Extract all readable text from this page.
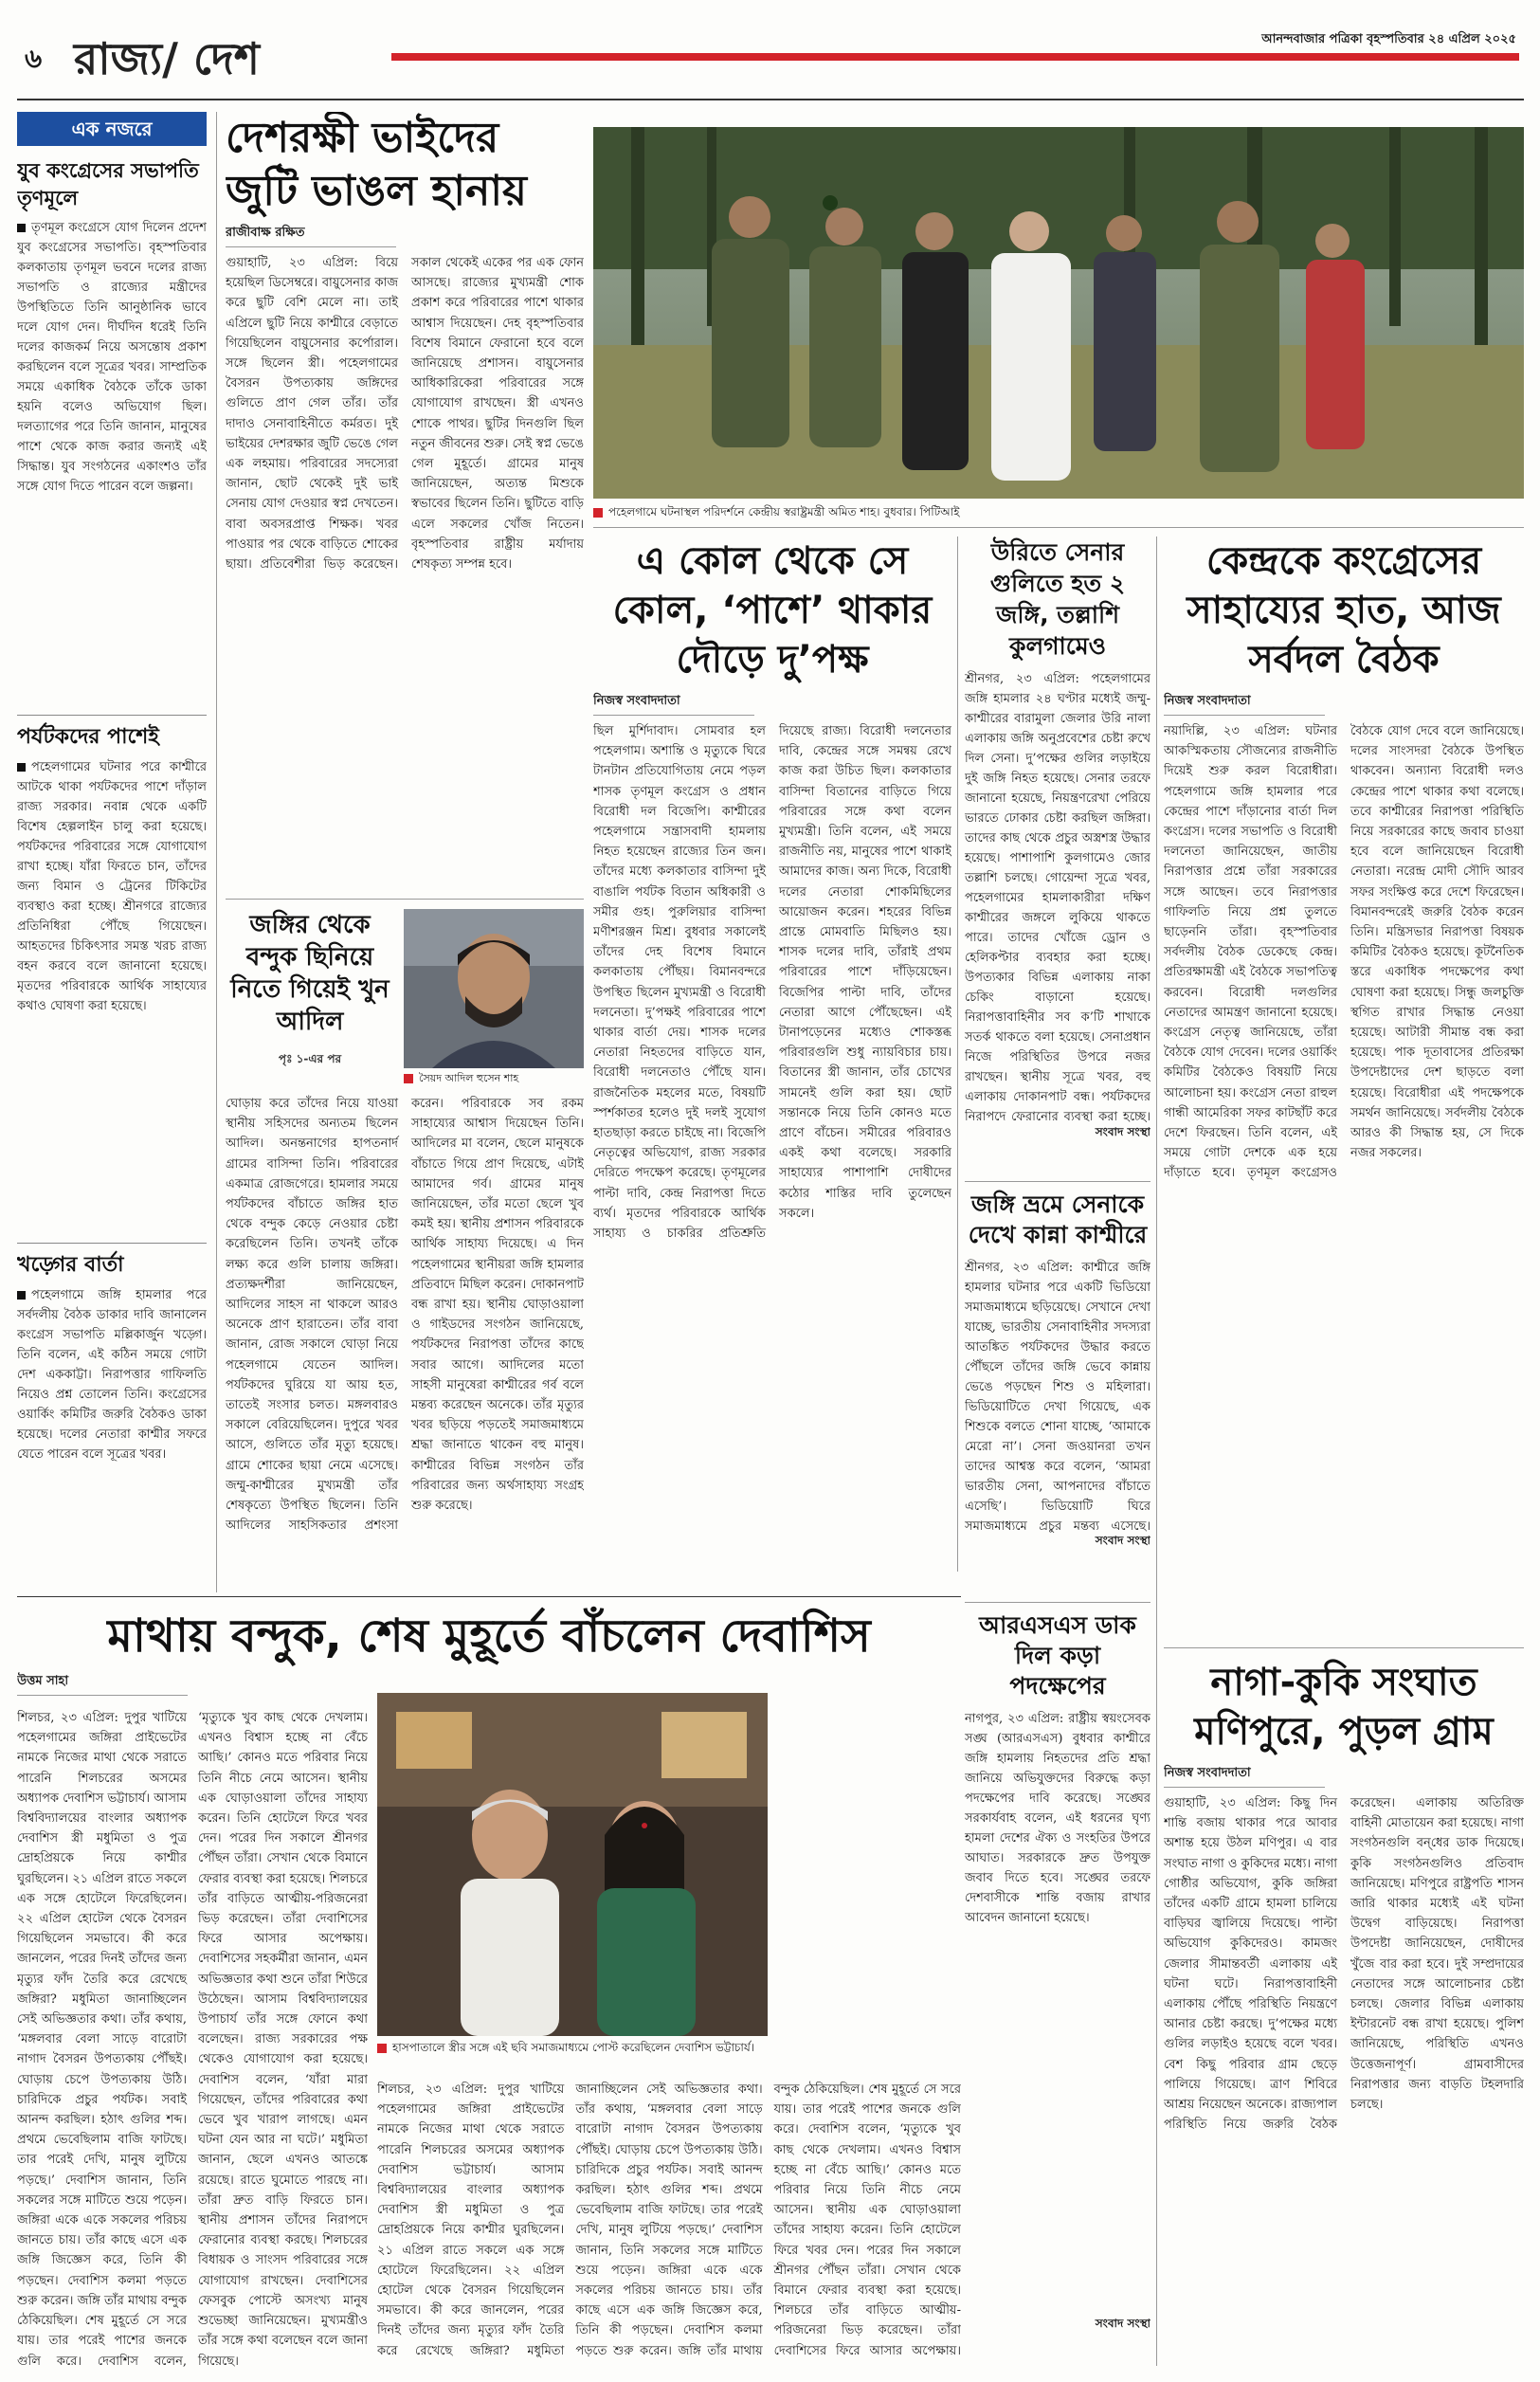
৬ রাজ্য/ দেশ	আনন্দবাজার পত্রিকা বৃহস্পতিবার ২৪ এপ্রিল ২০২৫
এক নজরে
যুব কংগ্রেসের সভাপতি তৃণমূলে
তৃণমূল কংগ্রেসে যোগ দিলেন প্রদেশ যুব কংগ্রেসের সভাপতি। বৃহস্পতিবার কলকাতায় তৃণমূল ভবনে দলের রাজ্য সভাপতি ও রাজ্যের মন্ত্রীদের উপস্থিতিতে তিনি আনুষ্ঠানিক ভাবে দলে যোগ দেন। দীর্ঘদিন ধরেই তিনি দলের কাজকর্ম নিয়ে অসন্তোষ প্রকাশ করছিলেন বলে সূত্রের খবর। সাম্প্রতিক সময়ে একাধিক বৈঠকে তাঁকে ডাকা হয়নি বলেও অভিযোগ ছিল। দলত্যাগের পরে তিনি জানান, মানুষের পাশে থেকে কাজ করার জন্যই এই সিদ্ধান্ত। যুব সংগঠনের একাংশও তাঁর সঙ্গে যোগ দিতে পারেন বলে জল্পনা।
পর্যটকদের পাশেই
পহেলগামের ঘটনার পরে কাশ্মীরে আটকে থাকা পর্যটকদের পাশে দাঁড়াল রাজ্য সরকার। নবান্ন থেকে একটি বিশেষ হেল্পলাইন চালু করা হয়েছে। পর্যটকদের পরিবারের সঙ্গে যোগাযোগ রাখা হচ্ছে। যাঁরা ফিরতে চান, তাঁদের জন্য বিমান ও ট্রেনের টিকিটের ব্যবস্থাও করা হচ্ছে। শ্রীনগরে রাজ্যের প্রতিনিধিরা পৌঁছে গিয়েছেন। আহতদের চিকিৎসার সমস্ত খরচ রাজ্য বহন করবে বলে জানানো হয়েছে। মৃতদের পরিবারকে আর্থিক সাহায্যের কথাও ঘোষণা করা হয়েছে।
খড়্গের বার্তা
পহেলগামে জঙ্গি হামলার পরে সর্বদলীয় বৈঠক ডাকার দাবি জানালেন কংগ্রেস সভাপতি মল্লিকার্জুন খড়্গে। তিনি বলেন, এই কঠিন সময়ে গোটা দেশ এককাট্টা। নিরাপত্তার গাফিলতি নিয়েও প্রশ্ন তোলেন তিনি। কংগ্রেসের ওয়ার্কিং কমিটির জরুরি বৈঠকও ডাকা হয়েছে। দলের নেতারা কাশ্মীর সফরে যেতে পারেন বলে সূত্রের খবর।
দেশরক্ষী ভাইদের জুটি ভাঙল হানায়
রাজীবাক্ষ রক্ষিত
গুয়াহাটি, ২৩ এপ্রিল: বিয়ে হয়েছিল ডিসেম্বরে। বায়ুসেনার কাজ করে ছুটি বেশি মেলে না। তাই এপ্রিলে ছুটি নিয়ে কাশ্মীরে বেড়াতে গিয়েছিলেন বায়ুসেনার কর্পোরাল। সঙ্গে ছিলেন স্ত্রী। পহেলগামের বৈসরন উপত্যকায় জঙ্গিদের গুলিতে প্রাণ গেল তাঁর। তাঁর দাদাও সেনাবাহিনীতে কর্মরত। দুই ভাইয়ের দেশরক্ষার জুটি ভেঙে গেল এক লহমায়। পরিবারের সদস্যেরা জানান, ছোট থেকেই দুই ভাই সেনায় যোগ দেওয়ার স্বপ্ন দেখতেন। বাবা অবসরপ্রাপ্ত শিক্ষক। খবর পাওয়ার পর থেকে বাড়িতে শোকের ছায়া। প্রতিবেশীরা ভিড় করেছেন। সকাল থেকেই একের পর এক ফোন আসছে। রাজ্যের মুখ্যমন্ত্রী শোক প্রকাশ করে পরিবারের পাশে থাকার আশ্বাস দিয়েছেন। দেহ বৃহস্পতিবার বিশেষ বিমানে ফেরানো হবে বলে জানিয়েছে প্রশাসন। বায়ুসেনার আধিকারিকেরা পরিবারের সঙ্গে যোগাযোগ রাখছেন। স্ত্রী এখনও শোকে পাথর। ছুটির দিনগুলি ছিল নতুন জীবনের শুরু। সেই স্বপ্ন ভেঙে গেল মুহূর্তে। গ্রামের মানুষ জানিয়েছেন, অত্যন্ত মিশুকে স্বভাবের ছিলেন তিনি। ছুটিতে বাড়ি এলে সকলের খোঁজ নিতেন। বৃহস্পতিবার রাষ্ট্রীয় মর্যাদায় শেষকৃত্য সম্পন্ন হবে।
পহেলগামে ঘটনাস্থল পরিদর্শনে কেন্দ্রীয় স্বরাষ্ট্রমন্ত্রী অমিত শাহ। বুধবার। পিটিআই
এ কোল থেকে সে কোল, ‘পাশে’ থাকার দৌড়ে দু’পক্ষ
নিজস্ব সংবাদদাতা
ছিল মুর্শিদাবাদ। সোমবার হল পহেলগাম। অশান্তি ও মৃত্যুকে ঘিরে টানটান প্রতিযোগিতায় নেমে পড়ল শাসক তৃণমূল কংগ্রেস ও প্রধান বিরোধী দল বিজেপি। কাশ্মীরের পহেলগামে সন্ত্রাসবাদী হামলায় নিহত হয়েছেন রাজ্যের তিন জন। তাঁদের মধ্যে কলকাতার বাসিন্দা দুই বাঙালি পর্যটক বিতান অধিকারী ও সমীর গুহ। পুরুলিয়ার বাসিন্দা মণীশরঞ্জন মিশ্র। বুধবার সকালেই তাঁদের দেহ বিশেষ বিমানে কলকাতায় পৌঁছয়। বিমানবন্দরে উপস্থিত ছিলেন মুখ্যমন্ত্রী ও বিরোধী দলনেতা। দু’পক্ষই পরিবারের পাশে থাকার বার্তা দেয়। শাসক দলের নেতারা নিহতদের বাড়িতে যান, বিরোধী দলনেতাও পৌঁছে যান। রাজনৈতিক মহলের মতে, বিষয়টি স্পর্শকাতর হলেও দুই দলই সুযোগ হাতছাড়া করতে চাইছে না। বিজেপি নেতৃত্বের অভিযোগ, রাজ্য সরকার দেরিতে পদক্ষেপ করেছে। তৃণমূলের পাল্টা দাবি, কেন্দ্র নিরাপত্তা দিতে ব্যর্থ। মৃতদের পরিবারকে আর্থিক সাহায্য ও চাকরির প্রতিশ্রুতি দিয়েছে রাজ্য। বিরোধী দলনেতার দাবি, কেন্দ্রের সঙ্গে সমন্বয় রেখে কাজ করা উচিত ছিল। কলকাতার বাসিন্দা বিতানের বাড়িতে গিয়ে পরিবারের সঙ্গে কথা বলেন মুখ্যমন্ত্রী। তিনি বলেন, এই সময়ে রাজনীতি নয়, মানুষের পাশে থাকাই আমাদের কাজ। অন্য দিকে, বিরোধী দলের নেতারা শোকমিছিলের আয়োজন করেন। শহরের বিভিন্ন প্রান্তে মোমবাতি মিছিলও হয়। শাসক দলের দাবি, তাঁরাই প্রথম পরিবারের পাশে দাঁড়িয়েছেন। বিজেপির পাল্টা দাবি, তাঁদের নেতারা আগে পৌঁছেছেন। এই টানাপড়েনের মধ্যেও শোকস্তব্ধ পরিবারগুলি শুধু ন্যায়বিচার চায়। বিতানের স্ত্রী জানান, তাঁর চোখের সামনেই গুলি করা হয়। ছোট সন্তানকে নিয়ে তিনি কোনও মতে প্রাণে বাঁচেন। সমীরের পরিবারও একই কথা বলেছে। সরকারি সাহায্যের পাশাপাশি দোষীদের কঠোর শাস্তির দাবি তুলেছেন সকলে।
উরিতে সেনার গুলিতে হত ২ জঙ্গি, তল্লাশি কুলগামেও
শ্রীনগর, ২৩ এপ্রিল: পহেলগামের জঙ্গি হামলার ২৪ ঘণ্টার মধ্যেই জম্মু-কাশ্মীরের বারামুলা জেলার উরি নালা এলাকায় জঙ্গি অনুপ্রবেশের চেষ্টা রুখে দিল সেনা। দু’পক্ষের গুলির লড়াইয়ে দুই জঙ্গি নিহত হয়েছে। সেনার তরফে জানানো হয়েছে, নিয়ন্ত্রণরেখা পেরিয়ে ভারতে ঢোকার চেষ্টা করছিল জঙ্গিরা। তাদের কাছ থেকে প্রচুর অস্ত্রশস্ত্র উদ্ধার হয়েছে। পাশাপাশি কুলগামেও জোর তল্লাশি চলছে। গোয়েন্দা সূত্রে খবর, পহেলগামের হামলাকারীরা দক্ষিণ কাশ্মীরের জঙ্গলে লুকিয়ে থাকতে পারে। তাদের খোঁজে ড্রোন ও হেলিকপ্টার ব্যবহার করা হচ্ছে। উপত্যকার বিভিন্ন এলাকায় নাকা চেকিং বাড়ানো হয়েছে। নিরাপত্তাবাহিনীর সব ক’টি শাখাকে সতর্ক থাকতে বলা হয়েছে। সেনাপ্রধান নিজে পরিস্থিতির উপরে নজর রাখছেন। স্থানীয় সূত্রে খবর, বহু এলাকায় দোকানপাট বন্ধ। পর্যটকদের নিরাপদে ফেরানোর ব্যবস্থা করা হচ্ছে।
সংবাদ সংস্থা
জঙ্গি ভ্রমে সেনাকে দেখে কান্না কাশ্মীরে
শ্রীনগর, ২৩ এপ্রিল: কাশ্মীরে জঙ্গি হামলার ঘটনার পরে একটি ভিডিয়ো সমাজমাধ্যমে ছড়িয়েছে। সেখানে দেখা যাচ্ছে, ভারতীয় সেনাবাহিনীর সদস্যরা আতঙ্কিত পর্যটকদের উদ্ধার করতে পৌঁছলে তাঁদের জঙ্গি ভেবে কান্নায় ভেঙে পড়ছেন শিশু ও মহিলারা। ভিডিয়োটিতে দেখা গিয়েছে, এক শিশুকে বলতে শোনা যাচ্ছে, ‘আমাকে মেরো না’। সেনা জওয়ানরা তখন তাদের আশ্বস্ত করে বলেন, ‘আমরা ভারতীয় সেনা, আপনাদের বাঁচাতে এসেছি’। ভিডিয়োটি ঘিরে সমাজমাধ্যমে প্রচুর মন্তব্য এসেছে।
সংবাদ সংস্থা
আরএসএস ডাক দিল কড়া পদক্ষেপের
নাগপুর, ২৩ এপ্রিল: রাষ্ট্রীয় স্বয়ংসেবক সঙ্ঘ (আরএসএস) বুধবার কাশ্মীরে জঙ্গি হামলায় নিহতদের প্রতি শ্রদ্ধা জানিয়ে অভিযুক্তদের বিরুদ্ধে কড়া পদক্ষেপের দাবি করেছে। সঙ্ঘের সরকার্যবাহ বলেন, এই ধরনের ঘৃণ্য হামলা দেশের ঐক্য ও সংহতির উপরে আঘাত। সরকারকে দ্রুত উপযুক্ত জবাব দিতে হবে। সঙ্ঘের তরফে দেশবাসীকে শান্তি বজায় রাখার আবেদন জানানো হয়েছে।
সংবাদ সংস্থা
কেন্দ্রকে কংগ্রেসের সাহায্যের হাত, আজ সর্বদল বৈঠক
নিজস্ব সংবাদদাতা
নয়াদিল্লি, ২৩ এপ্রিল: ঘটনার আকস্মিকতায় সৌজন্যের রাজনীতি দিয়েই শুরু করল বিরোধীরা। পহেলগামে জঙ্গি হামলার পরে কেন্দ্রের পাশে দাঁড়ানোর বার্তা দিল কংগ্রেস। দলের সভাপতি ও বিরোধী দলনেতা জানিয়েছেন, জাতীয় নিরাপত্তার প্রশ্নে তাঁরা সরকারের সঙ্গে আছেন। তবে নিরাপত্তার গাফিলতি নিয়ে প্রশ্ন তুলতে ছাড়েননি তাঁরা। বৃহস্পতিবার সর্বদলীয় বৈঠক ডেকেছে কেন্দ্র। প্রতিরক্ষামন্ত্রী এই বৈঠকে সভাপতিত্ব করবেন। বিরোধী দলগুলির নেতাদের আমন্ত্রণ জানানো হয়েছে। কংগ্রেস নেতৃত্ব জানিয়েছে, তাঁরা বৈঠকে যোগ দেবেন। দলের ওয়ার্কিং কমিটির বৈঠকেও বিষয়টি নিয়ে আলোচনা হয়। কংগ্রেস নেতা রাহুল গান্ধী আমেরিকা সফর কাটছাঁট করে দেশে ফিরছেন। তিনি বলেন, এই সময়ে গোটা দেশকে এক হয়ে দাঁড়াতে হবে। তৃণমূল কংগ্রেসও বৈঠকে যোগ দেবে বলে জানিয়েছে। দলের সাংসদরা বৈঠকে উপস্থিত থাকবেন। অন্যান্য বিরোধী দলও কেন্দ্রের পাশে থাকার কথা বলেছে। তবে কাশ্মীরের নিরাপত্তা পরিস্থিতি নিয়ে সরকারের কাছে জবাব চাওয়া হবে বলে জানিয়েছেন বিরোধী নেতারা। নরেন্দ্র মোদী সৌদি আরব সফর সংক্ষিপ্ত করে দেশে ফিরেছেন। বিমানবন্দরেই জরুরি বৈঠক করেন তিনি। মন্ত্রিসভার নিরাপত্তা বিষয়ক কমিটির বৈঠকও হয়েছে। কূটনৈতিক স্তরে একাধিক পদক্ষেপের কথা ঘোষণা করা হয়েছে। সিন্ধু জলচুক্তি স্থগিত রাখার সিদ্ধান্ত নেওয়া হয়েছে। আটারী সীমান্ত বন্ধ করা হয়েছে। পাক দূতাবাসের প্রতিরক্ষা উপদেষ্টাদের দেশ ছাড়তে বলা হয়েছে। বিরোধীরা এই পদক্ষেপকে সমর্থন জানিয়েছে। সর্বদলীয় বৈঠকে আরও কী সিদ্ধান্ত হয়, সে দিকে নজর সকলের।
নাগা-কুকি সংঘাত মণিপুরে, পুড়ল গ্রাম
নিজস্ব সংবাদদাতা
গুয়াহাটি, ২৩ এপ্রিল: কিছু দিন শান্তি বজায় থাকার পরে আবার অশান্ত হয়ে উঠল মণিপুর। এ বার সংঘাত নাগা ও কুকিদের মধ্যে। নাগা গোষ্ঠীর অভিযোগ, কুকি জঙ্গিরা তাঁদের একটি গ্রামে হামলা চালিয়ে বাড়িঘর জ্বালিয়ে দিয়েছে। পাল্টা অভিযোগ কুকিদেরও। কামজং জেলার সীমান্তবর্তী এলাকায় এই ঘটনা ঘটে। নিরাপত্তাবাহিনী এলাকায় পৌঁছে পরিস্থিতি নিয়ন্ত্রণে আনার চেষ্টা করছে। দু’পক্ষের মধ্যে গুলির লড়াইও হয়েছে বলে খবর। বেশ কিছু পরিবার গ্রাম ছেড়ে পালিয়ে গিয়েছে। ত্রাণ শিবিরে আশ্রয় নিয়েছেন অনেকে। রাজ্যপাল পরিস্থিতি নিয়ে জরুরি বৈঠক করেছেন। এলাকায় অতিরিক্ত বাহিনী মোতায়েন করা হয়েছে। নাগা সংগঠনগুলি বন্‌ধের ডাক দিয়েছে। কুকি সংগঠনগুলিও প্রতিবাদ জানিয়েছে। মণিপুরে রাষ্ট্রপতি শাসন জারি থাকার মধ্যেই এই ঘটনা উদ্বেগ বাড়িয়েছে। নিরাপত্তা উপদেষ্টা জানিয়েছেন, দোষীদের খুঁজে বার করা হবে। দুই সম্প্রদায়ের নেতাদের সঙ্গে আলোচনার চেষ্টা চলছে। জেলার বিভিন্ন এলাকায় ইন্টারনেট বন্ধ রাখা হয়েছে। পুলিশ জানিয়েছে, পরিস্থিতি এখনও উত্তেজনাপূর্ণ। গ্রামবাসীদের নিরাপত্তার জন্য বাড়তি টহলদারি চলছে।
জঙ্গির থেকে বন্দুক ছিনিয়ে নিতে গিয়েই খুন আদিল
পৃঃ ১-এর পর
সৈয়দ আদিল হুসেন শাহ
ঘোড়ায় করে তাঁদের নিয়ে যাওয়া স্থানীয় সহিসদের অন্যতম ছিলেন আদিল। অনন্তনাগের হাপতনার্দ গ্রামের বাসিন্দা তিনি। পরিবারের একমাত্র রোজগেরে। হামলার সময়ে পর্যটকদের বাঁচাতে জঙ্গির হাত থেকে বন্দুক কেড়ে নেওয়ার চেষ্টা করেছিলেন তিনি। তখনই তাঁকে লক্ষ্য করে গুলি চালায় জঙ্গিরা। প্রত্যক্ষদর্শীরা জানিয়েছেন, আদিলের সাহস না থাকলে আরও অনেকে প্রাণ হারাতেন। তাঁর বাবা জানান, রোজ সকালে ঘোড়া নিয়ে পহেলগামে যেতেন আদিল। পর্যটকদের ঘুরিয়ে যা আয় হত, তাতেই সংসার চলত। মঙ্গলবারও সকালে বেরিয়েছিলেন। দুপুরে খবর আসে, গুলিতে তাঁর মৃত্যু হয়েছে। গ্রামে শোকের ছায়া নেমে এসেছে। জম্মু-কাশ্মীরের মুখ্যমন্ত্রী তাঁর শেষকৃত্যে উপস্থিত ছিলেন। তিনি আদিলের সাহসিকতার প্রশংসা করেন। পরিবারকে সব রকম সাহায্যের আশ্বাস দিয়েছেন তিনি। আদিলের মা বলেন, ছেলে মানুষকে বাঁচাতে গিয়ে প্রাণ দিয়েছে, এটাই আমাদের গর্ব। গ্রামের মানুষ জানিয়েছেন, তাঁর মতো ছেলে খুব কমই হয়। স্থানীয় প্রশাসন পরিবারকে আর্থিক সাহায্য দিয়েছে। এ দিন পহেলগামের স্থানীয়রা জঙ্গি হামলার প্রতিবাদে মিছিল করেন। দোকানপাট বন্ধ রাখা হয়। স্থানীয় ঘোড়াওয়ালা ও গাইডদের সংগঠন জানিয়েছে, পর্যটকদের নিরাপত্তা তাঁদের কাছে সবার আগে। আদিলের মতো সাহসী মানুষেরা কাশ্মীরের গর্ব বলে মন্তব্য করেছেন অনেকে। তাঁর মৃত্যুর খবর ছড়িয়ে পড়তেই সমাজমাধ্যমে শ্রদ্ধা জানাতে থাকেন বহু মানুষ। কাশ্মীরের বিভিন্ন সংগঠন তাঁর পরিবারের জন্য অর্থসাহায্য সংগ্রহ শুরু করেছে।
মাথায় বন্দুক, শেষ মুহূর্তে বাঁচলেন দেবাশিস
উত্তম সাহা
শিলচর, ২৩ এপ্রিল: দুপুর খাটিয়ে পহেলগামের জঙ্গিরা প্রাইভেটের নামকে নিজের মাথা থেকে সরাতে পারেনি শিলচরের অসমের অধ্যাপক দেবাশিস ভট্টাচার্য। আসাম বিশ্ববিদ্যালয়ের বাংলার অধ্যাপক দেবাশিস স্ত্রী মধুমিতা ও পুত্র দ্রোহপ্রিয়কে নিয়ে কাশ্মীর ঘুরছিলেন। ২১ এপ্রিল রাতে সকলে এক সঙ্গে হোটেলে ফিরেছিলেন। ২২ এপ্রিল হোটেল থেকে বৈসরন গিয়েছিলেন সমভাবে। কী করে জানলেন, পরের দিনই তাঁদের জন্য মৃত্যুর ফাঁদ তৈরি করে রেখেছে জঙ্গিরা? মধুমিতা জানাচ্ছিলেন সেই অভিজ্ঞতার কথা। তাঁর কথায়, ‘মঙ্গলবার বেলা সাড়ে বারোটা নাগাদ বৈসরন উপত্যকায় পৌঁছই। ঘোড়ায় চেপে উপত্যকায় উঠি। চারিদিকে প্রচুর পর্যটক। সবাই আনন্দ করছিল। হঠাৎ গুলির শব্দ। প্রথমে ভেবেছিলাম বাজি ফাটছে। তার পরেই দেখি, মানুষ লুটিয়ে পড়ছে।’ দেবাশিস জানান, তিনি সকলের সঙ্গে মাটিতে শুয়ে পড়েন। জঙ্গিরা একে একে সকলের পরিচয় জানতে চায়। তাঁর কাছে এসে এক জঙ্গি জিজ্ঞেস করে, তিনি কী পড়ছেন। দেবাশিস কলমা পড়তে শুরু করেন। জঙ্গি তাঁর মাথায় বন্দুক ঠেকিয়েছিল। শেষ মুহূর্তে সে সরে যায়। তার পরেই পাশের জনকে গুলি করে। দেবাশিস বলেন, ‘মৃত্যুকে খুব কাছ থেকে দেখলাম। এখনও বিশ্বাস হচ্ছে না বেঁচে আছি।’ কোনও মতে পরিবার নিয়ে তিনি নীচে নেমে আসেন। স্থানীয় এক ঘোড়াওয়ালা তাঁদের সাহায্য করেন। তিনি হোটেলে ফিরে খবর দেন। পরের দিন সকালে শ্রীনগর পৌঁছন তাঁরা। সেখান থেকে বিমানে ফেরার ব্যবস্থা করা হয়েছে। শিলচরে তাঁর বাড়িতে আত্মীয়-পরিজনেরা ভিড় করেছেন। তাঁরা দেবাশিসের ফিরে আসার অপেক্ষায়। দেবাশিসের সহকর্মীরা জানান, এমন অভিজ্ঞতার কথা শুনে তাঁরা শিউরে উঠেছেন। আসাম বিশ্ববিদ্যালয়ের উপাচার্য তাঁর সঙ্গে ফোনে কথা বলেছেন। রাজ্য সরকারের পক্ষ থেকেও যোগাযোগ করা হয়েছে। দেবাশিস বলেন, ‘যাঁরা মারা গিয়েছেন, তাঁদের পরিবারের কথা ভেবে খুব খারাপ লাগছে। এমন ঘটনা যেন আর না ঘটে।’ মধুমিতা জানান, ছেলে এখনও আতঙ্কে রয়েছে। রাতে ঘুমোতে পারছে না। তাঁরা দ্রুত বাড়ি ফিরতে চান। স্থানীয় প্রশাসন তাঁদের নিরাপদে ফেরানোর ব্যবস্থা করছে। শিলচরের বিধায়ক ও সাংসদ পরিবারের সঙ্গে যোগাযোগ রাখছেন। দেবাশিসের ফেসবুক পোস্টে অসংখ্য মানুষ শুভেচ্ছা জানিয়েছেন। মুখ্যমন্ত্রীও তাঁর সঙ্গে কথা বলেছেন বলে জানা গিয়েছে।
হাসপাতালে স্ত্রীর সঙ্গে এই ছবি সমাজমাধ্যমে পোস্ট করেছিলেন দেবাশিস ভট্টাচার্য।
শিলচর, ২৩ এপ্রিল: দুপুর খাটিয়ে পহেলগামের জঙ্গিরা প্রাইভেটের নামকে নিজের মাথা থেকে সরাতে পারেনি শিলচরের অসমের অধ্যাপক দেবাশিস ভট্টাচার্য। আসাম বিশ্ববিদ্যালয়ের বাংলার অধ্যাপক দেবাশিস স্ত্রী মধুমিতা ও পুত্র দ্রোহপ্রিয়কে নিয়ে কাশ্মীর ঘুরছিলেন। ২১ এপ্রিল রাতে সকলে এক সঙ্গে হোটেলে ফিরেছিলেন। ২২ এপ্রিল হোটেল থেকে বৈসরন গিয়েছিলেন সমভাবে। কী করে জানলেন, পরের দিনই তাঁদের জন্য মৃত্যুর ফাঁদ তৈরি করে রেখেছে জঙ্গিরা? মধুমিতা জানাচ্ছিলেন সেই অভিজ্ঞতার কথা। তাঁর কথায়, ‘মঙ্গলবার বেলা সাড়ে বারোটা নাগাদ বৈসরন উপত্যকায় পৌঁছই। ঘোড়ায় চেপে উপত্যকায় উঠি। চারিদিকে প্রচুর পর্যটক। সবাই আনন্দ করছিল। হঠাৎ গুলির শব্দ। প্রথমে ভেবেছিলাম বাজি ফাটছে। তার পরেই দেখি, মানুষ লুটিয়ে পড়ছে।’ দেবাশিস জানান, তিনি সকলের সঙ্গে মাটিতে শুয়ে পড়েন। জঙ্গিরা একে একে সকলের পরিচয় জানতে চায়। তাঁর কাছে এসে এক জঙ্গি জিজ্ঞেস করে, তিনি কী পড়ছেন। দেবাশিস কলমা পড়তে শুরু করেন। জঙ্গি তাঁর মাথায় বন্দুক ঠেকিয়েছিল। শেষ মুহূর্তে সে সরে যায়। তার পরেই পাশের জনকে গুলি করে। দেবাশিস বলেন, ‘মৃত্যুকে খুব কাছ থেকে দেখলাম। এখনও বিশ্বাস হচ্ছে না বেঁচে আছি।’ কোনও মতে পরিবার নিয়ে তিনি নীচে নেমে আসেন। স্থানীয় এক ঘোড়াওয়ালা তাঁদের সাহায্য করেন। তিনি হোটেলে ফিরে খবর দেন। পরের দিন সকালে শ্রীনগর পৌঁছন তাঁরা। সেখান থেকে বিমানে ফেরার ব্যবস্থা করা হয়েছে। শিলচরে তাঁর বাড়িতে আত্মীয়-পরিজনেরা ভিড় করেছেন। তাঁরা দেবাশিসের ফিরে আসার অপেক্ষায়।
